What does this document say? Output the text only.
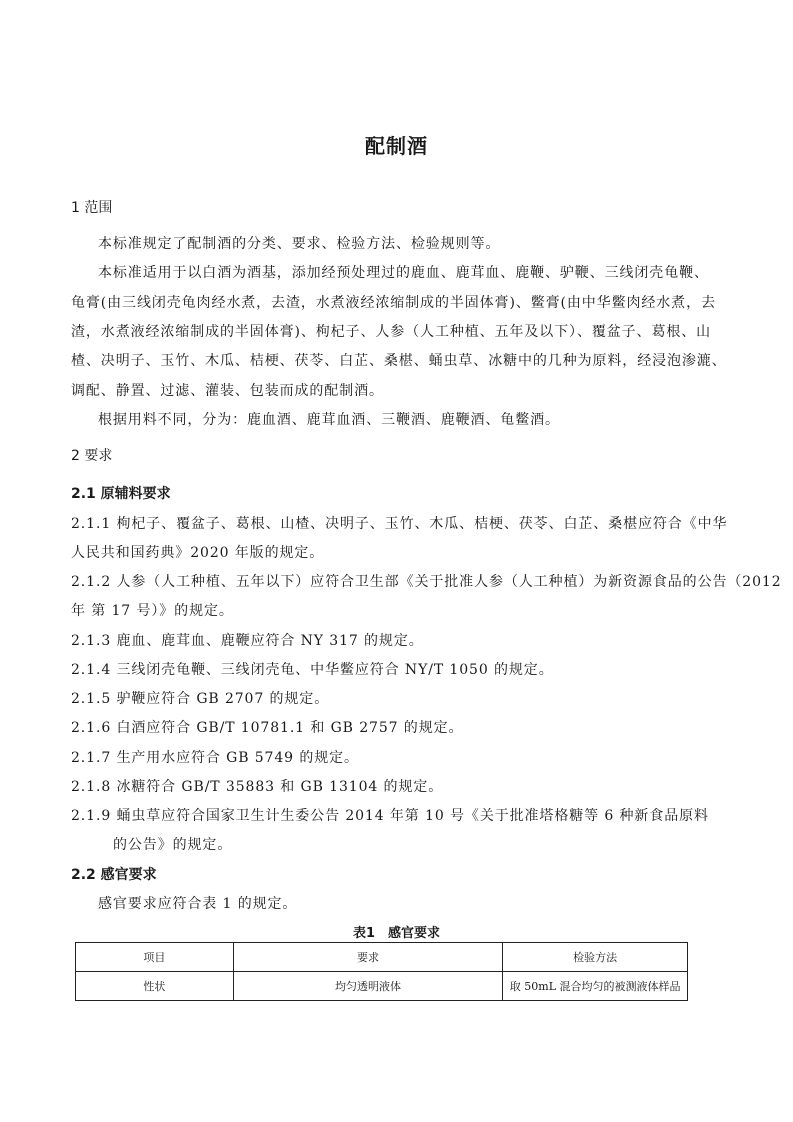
配制酒
1 范围
本标准规定了配制酒的分类、要求、检验方法、检验规则等。
本标准适用于以白酒为酒基，添加经预处理过的鹿血、鹿茸血、鹿鞭、驴鞭、三线闭壳龟鞭、
龟膏(由三线闭壳龟肉经水煮，去渣，水煮液经浓缩制成的半固体膏)、鳖膏(由中华鳖肉经水煮，去
渣，水煮液经浓缩制成的半固体膏)、枸杞子、人参（人工种植、五年及以下）、覆盆子、葛根、山
楂、决明子、玉竹、木瓜、桔梗、茯苓、白芷、桑椹、蛹虫草、冰糖中的几种为原料，经浸泡渗漉、
调配、静置、过滤、灌装、包装而成的配制酒。
根据用料不同，分为：鹿血酒、鹿茸血酒、三鞭酒、鹿鞭酒、龟鳖酒。
2 要求
2.1 原辅料要求
2.1.1 枸杞子、覆盆子、葛根、山楂、决明子、玉竹、木瓜、桔梗、茯苓、白芷、桑椹应符合《中华
人民共和国药典》2020 年版的规定。
2.1.2 人参（人工种植、五年以下）应符合卫生部《关于批准人参（人工种植）为新资源食品的公告（2012
年 第 17 号）》的规定。
2.1.3 鹿血、鹿茸血、鹿鞭应符合 NY 317 的规定。
2.1.4 三线闭壳龟鞭、三线闭壳龟、中华鳖应符合 NY/T 1050 的规定。
2.1.5 驴鞭应符合 GB 2707 的规定。
2.1.6 白酒应符合 GB/T 10781.1 和 GB 2757 的规定。
2.1.7 生产用水应符合 GB 5749 的规定。
2.1.8 冰糖符合 GB/T 35883 和 GB 13104 的规定。
2.1.9 蛹虫草应符合国家卫生计生委公告 2014 年第 10 号《关于批准塔格糖等 6 种新食品原料
的公告》的规定。
2.2 感官要求
感官要求应符合表 1 的规定。
表1　感官要求
项目	要求	检验方法
性状	均匀透明液体	取 50mL 混合均匀的被测液体样品
